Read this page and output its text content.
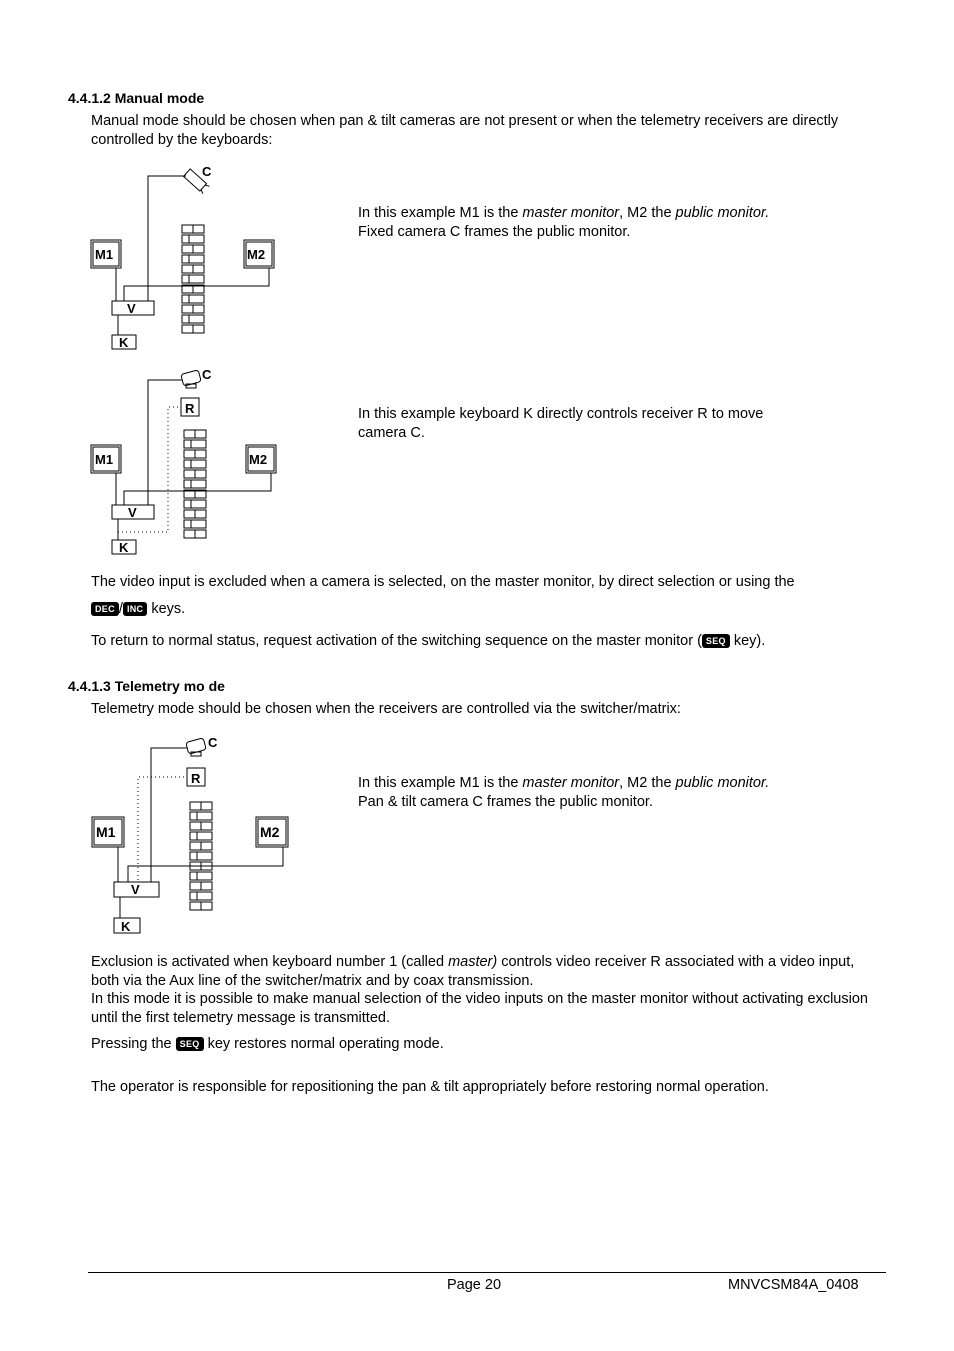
4.4.1.2 Manual mode
Manual mode should be chosen when pan & tilt cameras are not present or when the telemetry receivers are directly controlled by the keyboards:
C
M1	M2
V
K
In this example M1 is the master monitor, M2 the public monitor.
Fixed camera C frames the public monitor.
C
R
M1	M2
V
K
In this example keyboard K directly controls receiver R to move
camera C.
The video input is excluded when a camera is selected, on the master monitor, by direct selection or using the
DEC / INC keys.
To return to normal status, request activation of the switching sequence on the master monitor ( SEQ key).
4.4.1.3 Telemetry mo de
Telemetry mode should be chosen when the receivers are controlled via the switcher/matrix:
C
R
M1	M2
V
K
In this example M1 is the master monitor, M2 the public monitor.
Pan & tilt camera C frames the public monitor.
Exclusion is activated when keyboard number 1 (called master) controls video receiver R associated with a video input, both via the Aux line of the switcher/matrix and by coax transmission.
In this mode it is possible to make manual selection of the video inputs on the master monitor without activating exclusion until the first telemetry message is transmitted.
Pressing the SEQ key restores normal operating mode.
The operator is responsible for repositioning the pan & tilt appropriately before restoring normal operation.
Page 20	MNVCSM84A_0408
